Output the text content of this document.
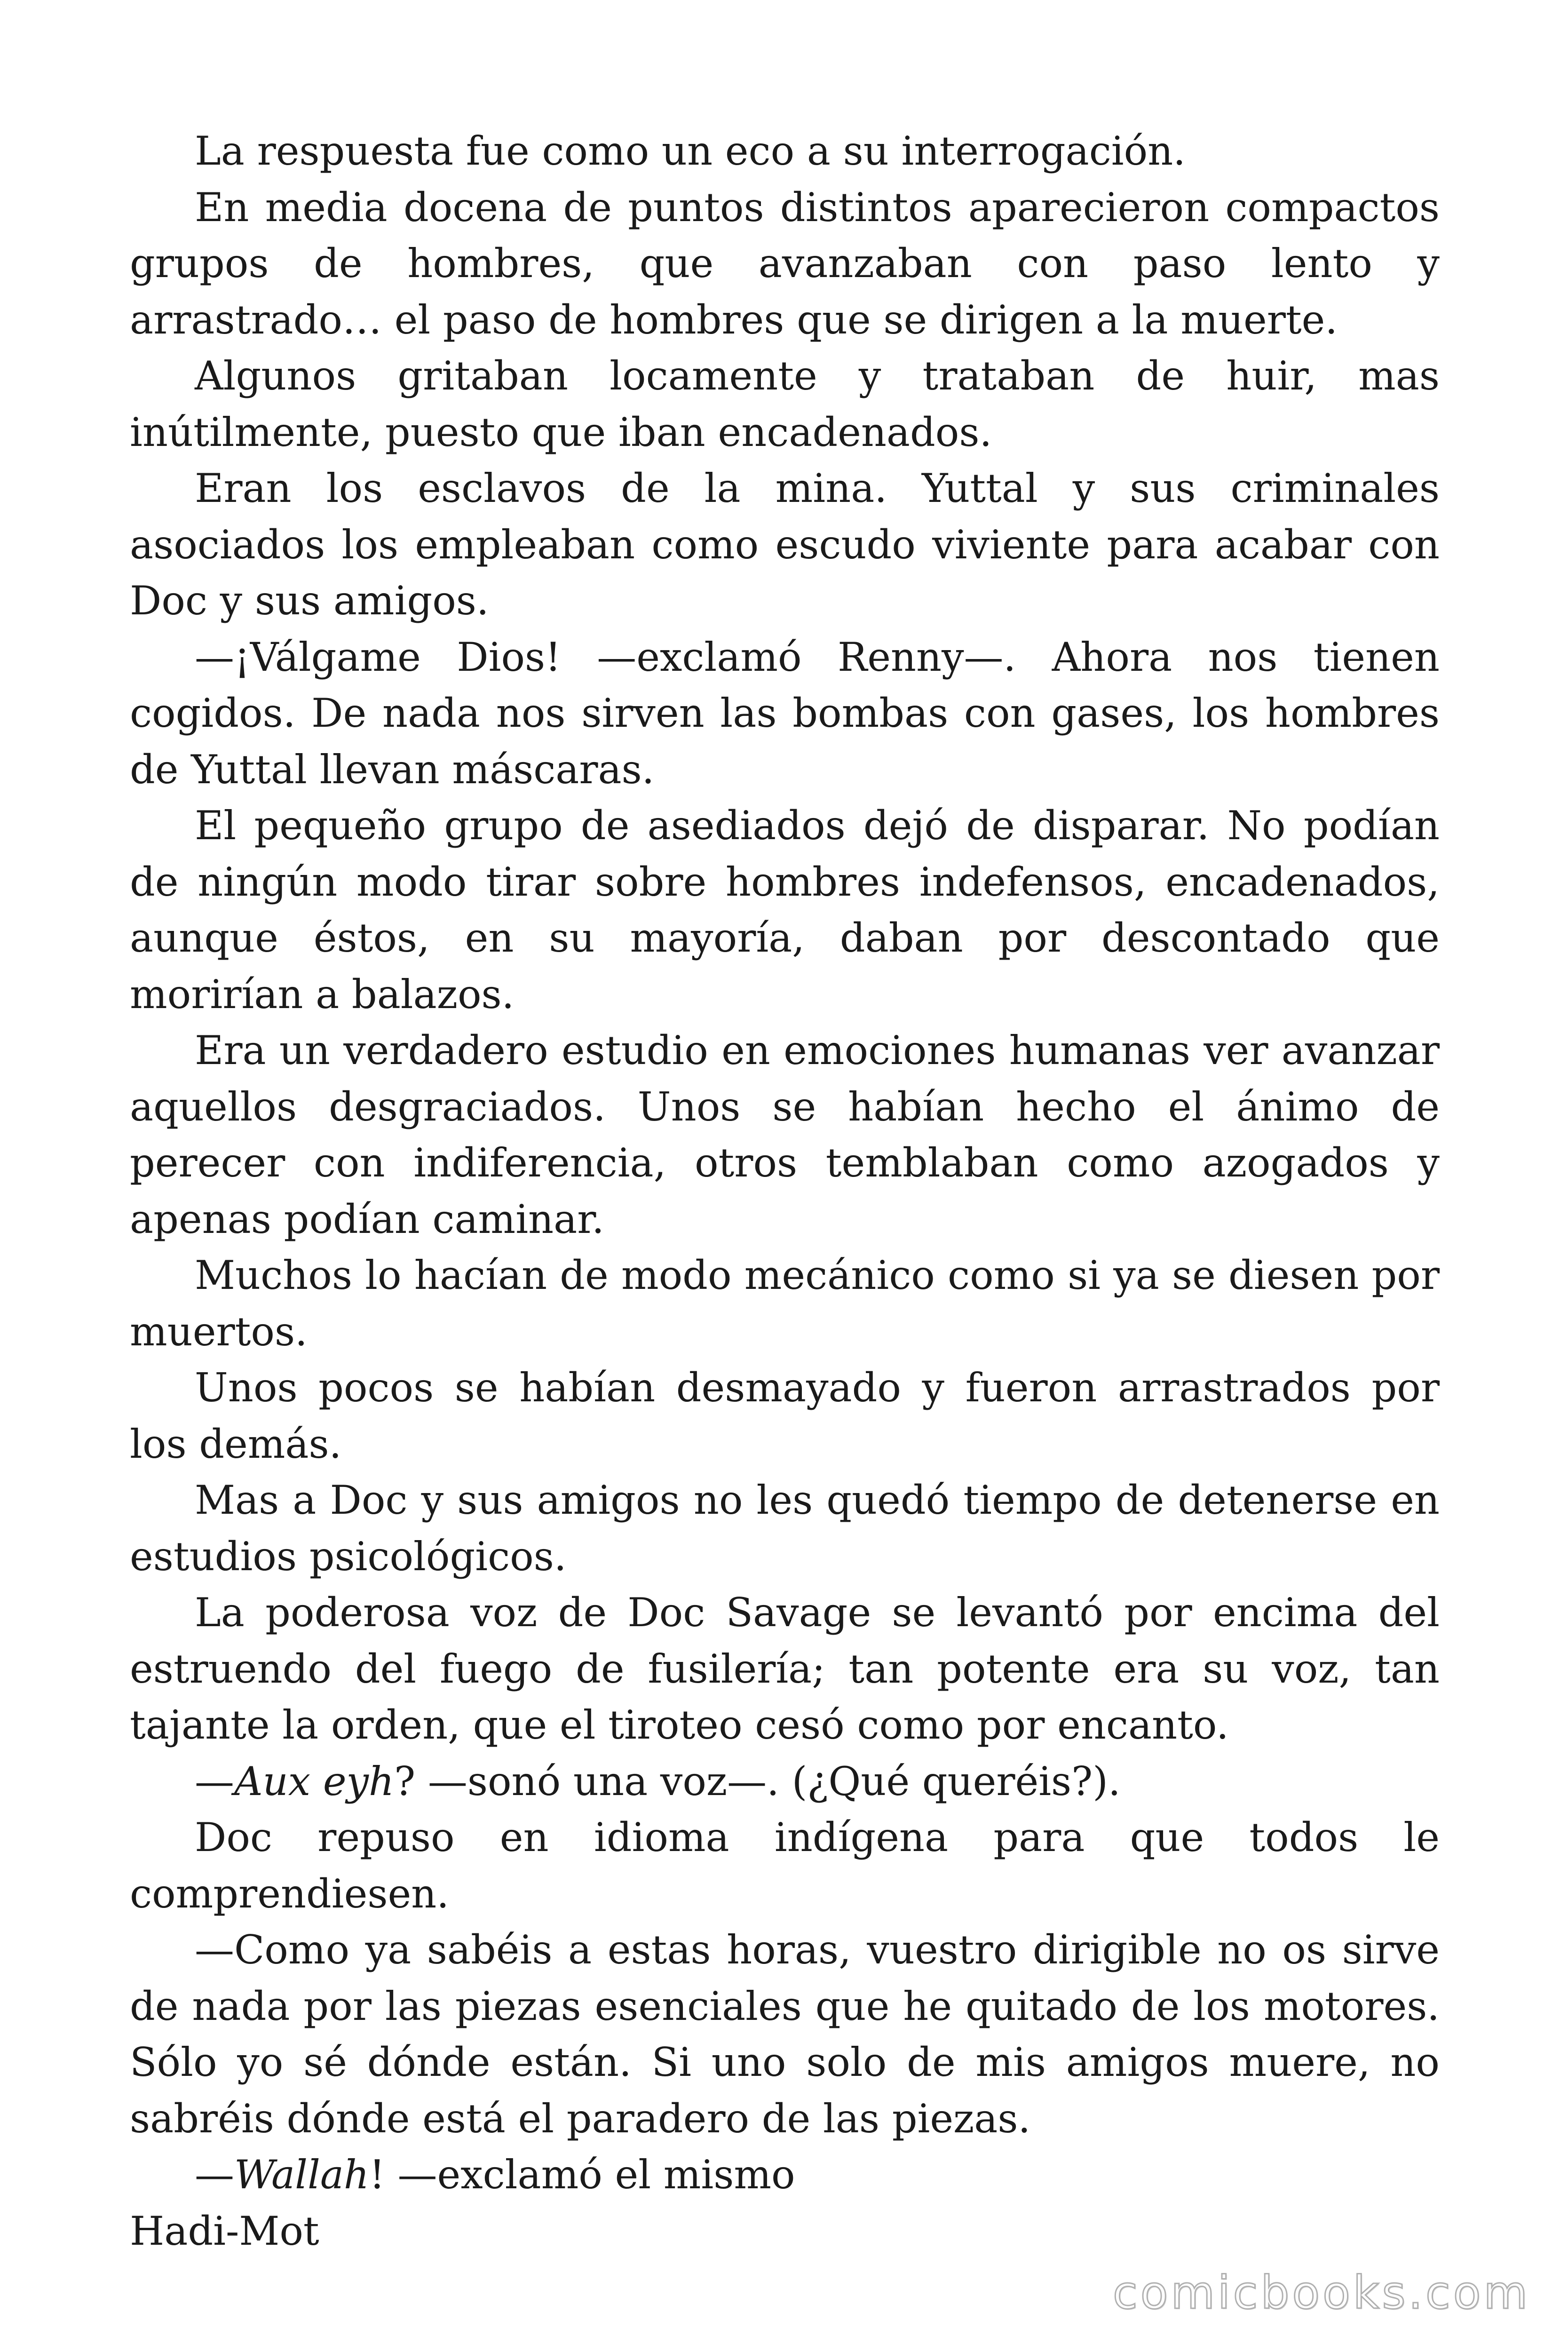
La respuesta fue como un eco a su interrogación.

En media docena de puntos distintos aparecieron compactos grupos de hombres, que avanzaban con paso lento y arrastrado… el paso de hombres que se dirigen a la muerte.

Algunos gritaban locamente y trataban de huir, mas inútilmente, puesto que iban encadenados.

Eran los esclavos de la mina. Yuttal y sus criminales asociados los empleaban como escudo viviente para acabar con Doc y sus amigos.

—¡Válgame Dios! —exclamó Renny—. Ahora nos tienen cogidos. De nada nos sirven las bombas con gases, los hombres de Yuttal llevan máscaras.

El pequeño grupo de asediados dejó de disparar. No podían de ningún modo tirar sobre hombres indefensos, encadenados, aunque éstos, en su mayoría, daban por descontado que morirían a balazos.

Era un verdadero estudio en emociones humanas ver avanzar aquellos desgraciados. Unos se habían hecho el ánimo de perecer con indiferencia, otros temblaban como azogados y apenas podían caminar.

Muchos lo hacían de modo mecánico como si ya se diesen por muertos.

Unos pocos se habían desmayado y fueron arrastrados por los demás.

Mas a Doc y sus amigos no les quedó tiempo de detenerse en estudios psicológicos.

La poderosa voz de Doc Savage se levantó por encima del estruendo del fuego de fusilería; tan potente era su voz, tan tajante la orden, que el tiroteo cesó como por encanto.

—Aux eyh? —sonó una voz—. (¿Qué queréis?).

Doc repuso en idioma indígena para que todos le comprendiesen.

—Como ya sabéis a estas horas, vuestro dirigible no os sirve de nada por las piezas esenciales que he quitado de los motores. Sólo yo sé dónde están. Si uno solo de mis amigos muere, no sabréis dónde está el paradero de las piezas.

—Wallah! —exclamó el mismo

Hadi-Mot

comicbooks.com
